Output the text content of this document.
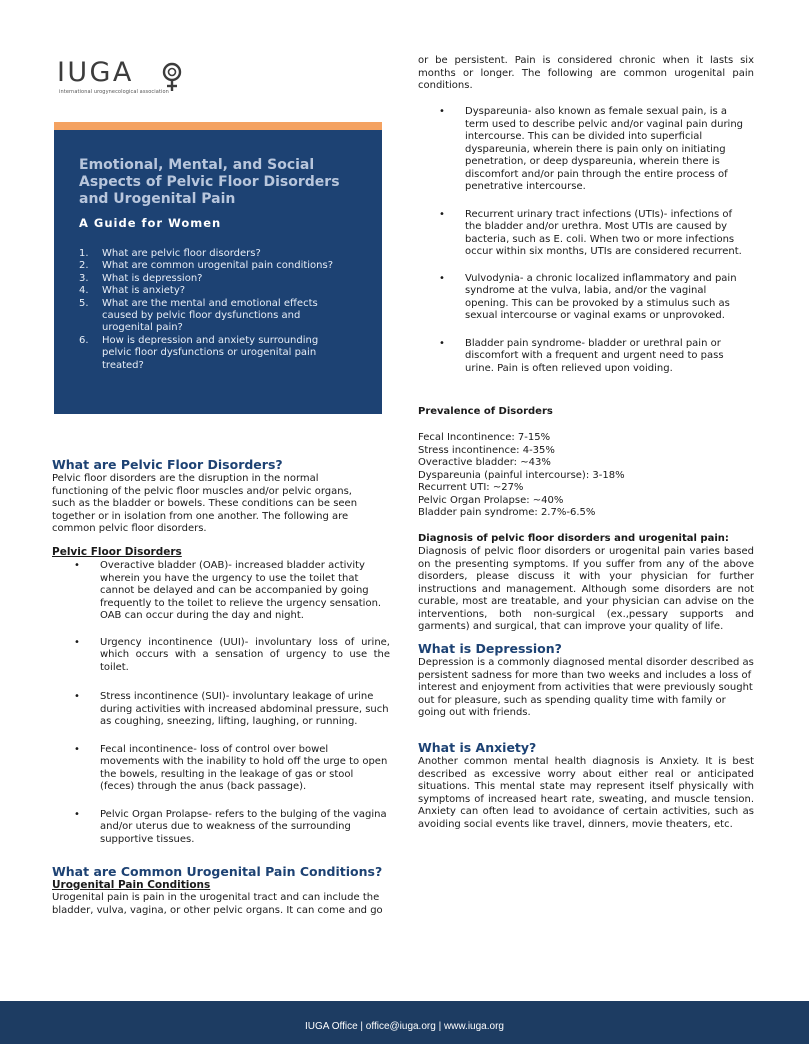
IUGA
international urogynecological association
Emotional, Mental, and Social Aspects of Pelvic Floor Disorders and Urogenital Pain
A Guide for Women
1. What are pelvic floor disorders?
2. What are common urogenital pain conditions?
3. What is depression?
4. What is anxiety?
5. What are the mental and emotional effects caused by pelvic floor dysfunctions and urogenital pain?
6. How is depression and anxiety surrounding pelvic floor dysfunctions or urogenital pain treated?
What are Pelvic Floor Disorders?

Pelvic floor disorders are the disruption in the normal functioning of the pelvic floor muscles and/or pelvic organs, such as the bladder or bowels. These conditions can be seen together or in isolation from one another. The following are common pelvic floor disorders.

Pelvic Floor Disorders
• Overactive bladder (OAB)- increased bladder activity wherein you have the urgency to use the toilet that cannot be delayed and can be accompanied by going frequently to the toilet to relieve the urgency sensation. OAB can occur during the day and night.
• Urgency incontinence (UUI)- involuntary loss of urine, which occurs with a sensation of urgency to use the toilet.
• Stress incontinence (SUI)- involuntary leakage of urine during activities with increased abdominal pressure, such as coughing, sneezing, lifting, laughing, or running.
• Fecal incontinence- loss of control over bowel movements with the inability to hold off the urge to open the bowels, resulting in the leakage of gas or stool (feces) through the anus (back passage).
• Pelvic Organ Prolapse- refers to the bulging of the vagina and/or uterus due to weakness of the surrounding supportive tissues.
What are Common Urogenital Pain Conditions?
Urogenital Pain Conditions

Urogenital pain is pain in the urogenital tract and can include the bladder, vulva, vagina, or other pelvic organs. It can come and go

or be persistent. Pain is considered chronic when it lasts six months or longer. The following are common urogenital pain conditions.

• Dyspareunia- also known as female sexual pain, is a term used to describe pelvic and/or vaginal pain during intercourse. This can be divided into superficial dyspareunia, wherein there is pain only on initiating penetration, or deep dyspareunia, wherein there is discomfort and/or pain through the entire process of penetrative intercourse.
• Recurrent urinary tract infections (UTIs)- infections of the bladder and/or urethra. Most UTIs are caused by bacteria, such as E. coli. When two or more infections occur within six months, UTIs are considered recurrent.
• Vulvodynia- a chronic localized inflammatory and pain syndrome at the vulva, labia, and/or the vaginal opening. This can be provoked by a stimulus such as sexual intercourse or vaginal exams or unprovoked.
• Bladder pain syndrome- bladder or urethral pain or discomfort with a frequent and urgent need to pass urine. Pain is often relieved upon voiding.
Prevalence of Disorders
Fecal Incontinence: 7-15%
Stress incontinence: 4-35%
Overactive bladder: ~43%
Dyspareunia (painful intercourse): 3-18%
Recurrent UTI: ~27%
Pelvic Organ Prolapse: ~40%
Bladder pain syndrome: 2.7%-6.5%
Diagnosis of pelvic floor disorders and urogenital pain:

Diagnosis of pelvic floor disorders or urogenital pain varies based on the presenting symptoms. If you suffer from any of the above disorders, please discuss it with your physician for further instructions and management. Although some disorders are not curable, most are treatable, and your physician can advise on the interventions, both non-surgical (ex.,pessary supports and garments) and surgical, that can improve your quality of life.

What is Depression?

Depression is a commonly diagnosed mental disorder described as persistent sadness for more than two weeks and includes a loss of interest and enjoyment from activities that were previously sought out for pleasure, such as spending quality time with family or going out with friends.

What is Anxiety?

Another common mental health diagnosis is Anxiety. It is best described as excessive worry about either real or anticipated situations. This mental state may represent itself physically with symptoms of increased heart rate, sweating, and muscle tension. Anxiety can often lead to avoidance of certain activities, such as avoiding social events like travel, dinners, movie theaters, etc.

IUGA Office | office@iuga.org | www.iuga.org
